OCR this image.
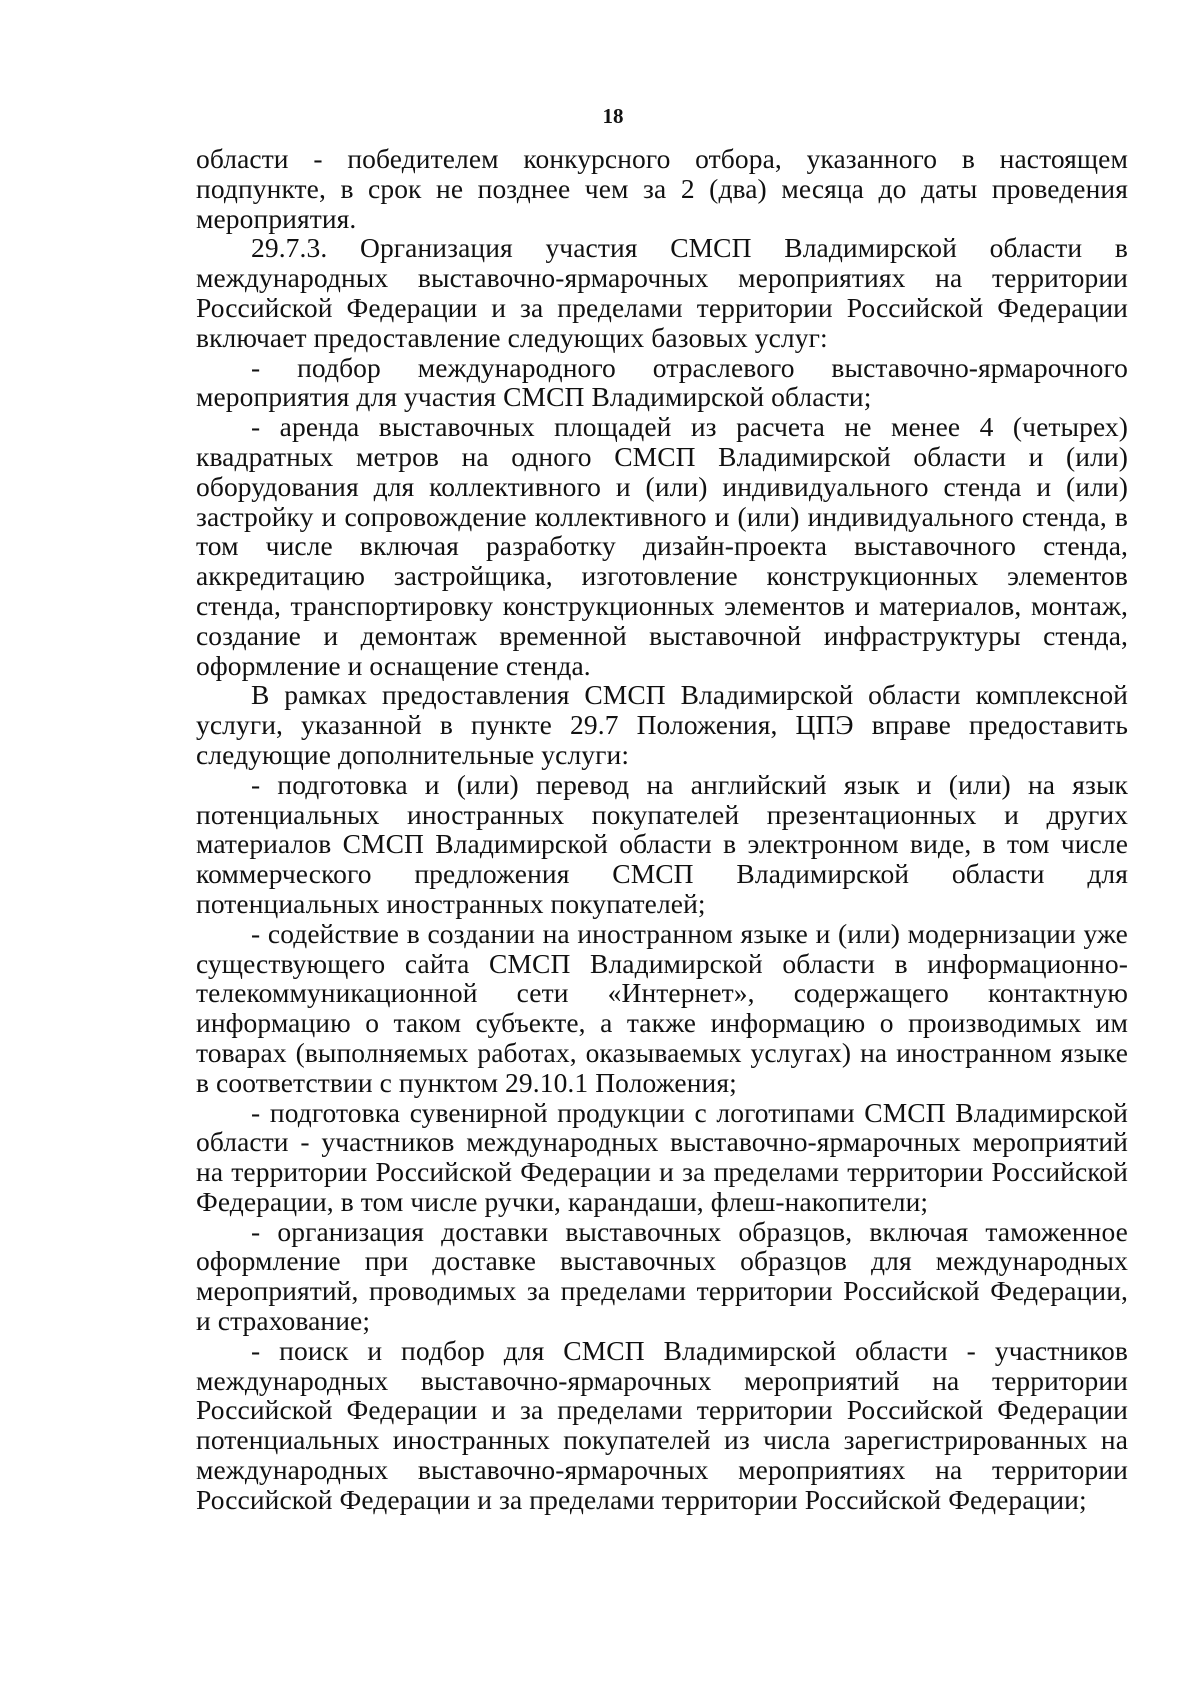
18

области - победителем конкурсного отбора, указанного в настоящем подпункте, в срок не позднее чем за 2 (два) месяца до даты проведения мероприятия.

29.7.3. Организация участия СМСП Владимирской области в международных выставочно-ярмарочных мероприятиях на территории Российской Федерации и за пределами территории Российской Федерации включает предоставление следующих базовых услуг:

- подбор международного отраслевого выставочно-ярмарочного мероприятия для участия СМСП Владимирской области;

- аренда выставочных площадей из расчета не менее 4 (четырех) квадратных метров на одного СМСП Владимирской области и (или) оборудования для коллективного и (или) индивидуального стенда и (или) застройку и сопровождение коллективного и (или) индивидуального стенда, в том числе включая разработку дизайн-проекта выставочного стенда, аккредитацию застройщика, изготовление конструкционных элементов стенда, транспортировку конструкционных элементов и материалов, монтаж, создание и демонтаж временной выставочной инфраструктуры стенда, оформление и оснащение стенда.

В рамках предоставления СМСП Владимирской области комплексной услуги, указанной в пункте 29.7 Положения, ЦПЭ вправе предоставить следующие дополнительные услуги:

- подготовка и (или) перевод на английский язык и (или) на язык потенциальных иностранных покупателей презентационных и других материалов СМСП Владимирской области в электронном виде, в том числе коммерческого предложения СМСП Владимирской области для потенциальных иностранных покупателей;

- содействие в создании на иностранном языке и (или) модернизации уже существующего сайта СМСП Владимирской области в информационно-телекоммуникационной сети «Интернет», содержащего контактную информацию о таком субъекте, а также информацию о производимых им товарах (выполняемых работах, оказываемых услугах) на иностранном языке в соответствии с пунктом 29.10.1 Положения;

- подготовка сувенирной продукции с логотипами СМСП Владимирской области - участников международных выставочно-ярмарочных мероприятий на территории Российской Федерации и за пределами территории Российской Федерации, в том числе ручки, карандаши, флеш-накопители;

- организация доставки выставочных образцов, включая таможенное оформление при доставке выставочных образцов для международных мероприятий, проводимых за пределами территории Российской Федерации, и страхование;

- поиск и подбор для СМСП Владимирской области - участников международных выставочно-ярмарочных мероприятий на территории Российской Федерации и за пределами территории Российской Федерации потенциальных иностранных покупателей из числа зарегистрированных на международных выставочно-ярмарочных мероприятиях на территории Российской Федерации и за пределами территории Российской Федерации;
